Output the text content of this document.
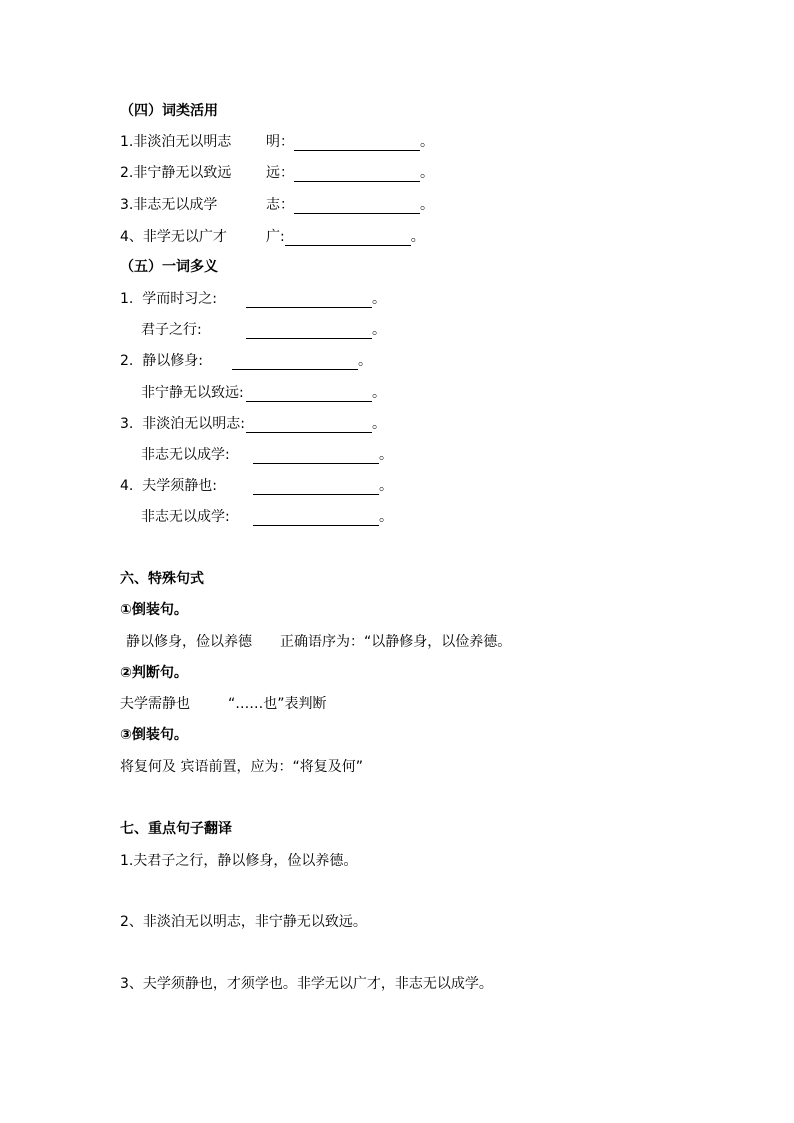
（四）词类活用
1.非淡泊无以明志 明：	。
2.非宁静无以致远 远：	。
3.非志无以成学	志：	。
4、非学无以广才	广:	。
（五）一词多义
1. 学而时习之:	。
君子之行:	。
2. 静以修身:	。
非宁静无以致远:	。
3. 非淡泊无以明志:	。
非志无以成学:	。
4. 夫学须静也:	。
非志无以成学:	。
六、特殊句式
①倒装句。
静以修身，俭以养德 正确语序为：“以静修身，以俭养德。
②判断句。
夫学需静也	“……也”表判断
③倒装句。
将复何及 宾语前置，应为：“将复及何”
七、重点句子翻译
1.夫君子之行，静以修身，俭以养德。
2、非淡泊无以明志，非宁静无以致远。
3、夫学须静也，才须学也。非学无以广才，非志无以成学。
